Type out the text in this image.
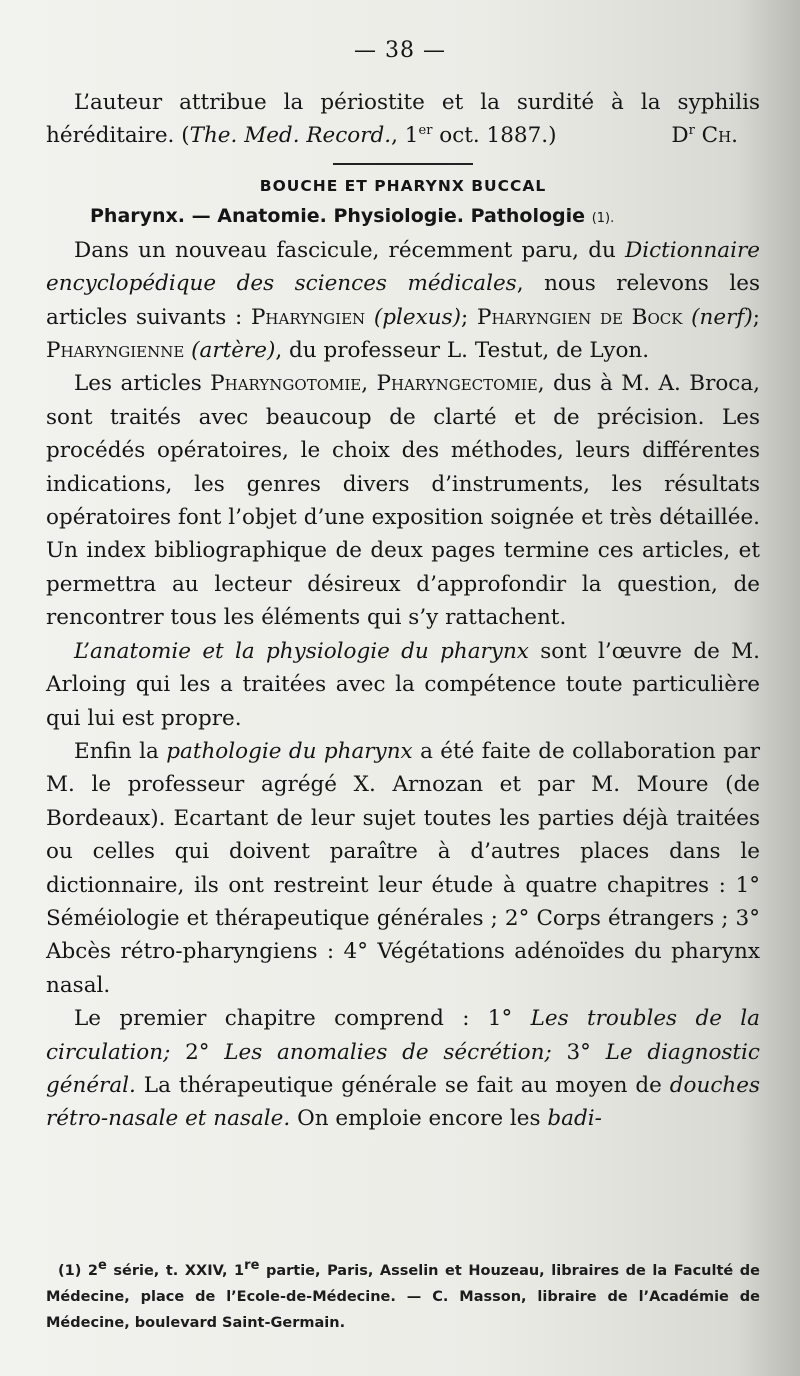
— 38 —

L’auteur attribue la périostite et la surdité à la syphilis héréditaire. (The. Med. Record., 1er oct. 1887.)	$D^r$ Ch.

BOUCHE ET PHARYNX BUCCAL
Pharynx. — Anatomie. Physiologie. Pathologie (1).

Dans un nouveau fascicule, récemment paru, du Dictionnaire encyclopédique des sciences médicales, nous relevons les articles suivants : Pharyngien (plexus); Pharyngien de Bock (nerf); Pharyngienne (artère), du professeur L. Testut, de Lyon.

Les articles Pharyngotomie, Pharyngectomie, dus à M. A. Broca, sont traités avec beaucoup de clarté et de précision. Les procédés opératoires, le choix des méthodes, leurs différentes indications, les genres divers d’instruments, les résultats opératoires font l’objet d’une exposition soignée et très détaillée. Un index bibliographique de deux pages termine ces articles, et permettra au lecteur désireux d’approfondir la question, de rencontrer tous les éléments qui s’y rattachent.

L’anatomie et la physiologie du pharynx sont l’œuvre de M. Arloing qui les a traitées avec la compétence toute particulière qui lui est propre.

Enfin la pathologie du pharynx a été faite de collaboration par M. le professeur agrégé X. Arnozan et par M. Moure (de Bordeaux). Ecartant de leur sujet toutes les parties déjà traitées ou celles qui doivent paraître à d’autres places dans le dictionnaire, ils ont restreint leur étude à quatre chapitres : 1° Séméiologie et thérapeutique générales ; 2° Corps étrangers ; 3° Abcès rétro-pharyngiens : 4° Végétations adénoïdes du pharynx nasal.

Le premier chapitre comprend : 1° Les troubles de la circulation; 2° Les anomalies de sécrétion; 3° Le diagnostic général. La thérapeutique générale se fait au moyen de douches rétro-nasale et nasale. On emploie encore les badi-

(1) 2e série, t. XXIV, 1re partie, Paris, Asselin et Houzeau, libraires de la Faculté de Médecine, place de l’Ecole-de-Médecine. — C. Masson, libraire de l’Académie de Médecine, boulevard Saint-Germain.
